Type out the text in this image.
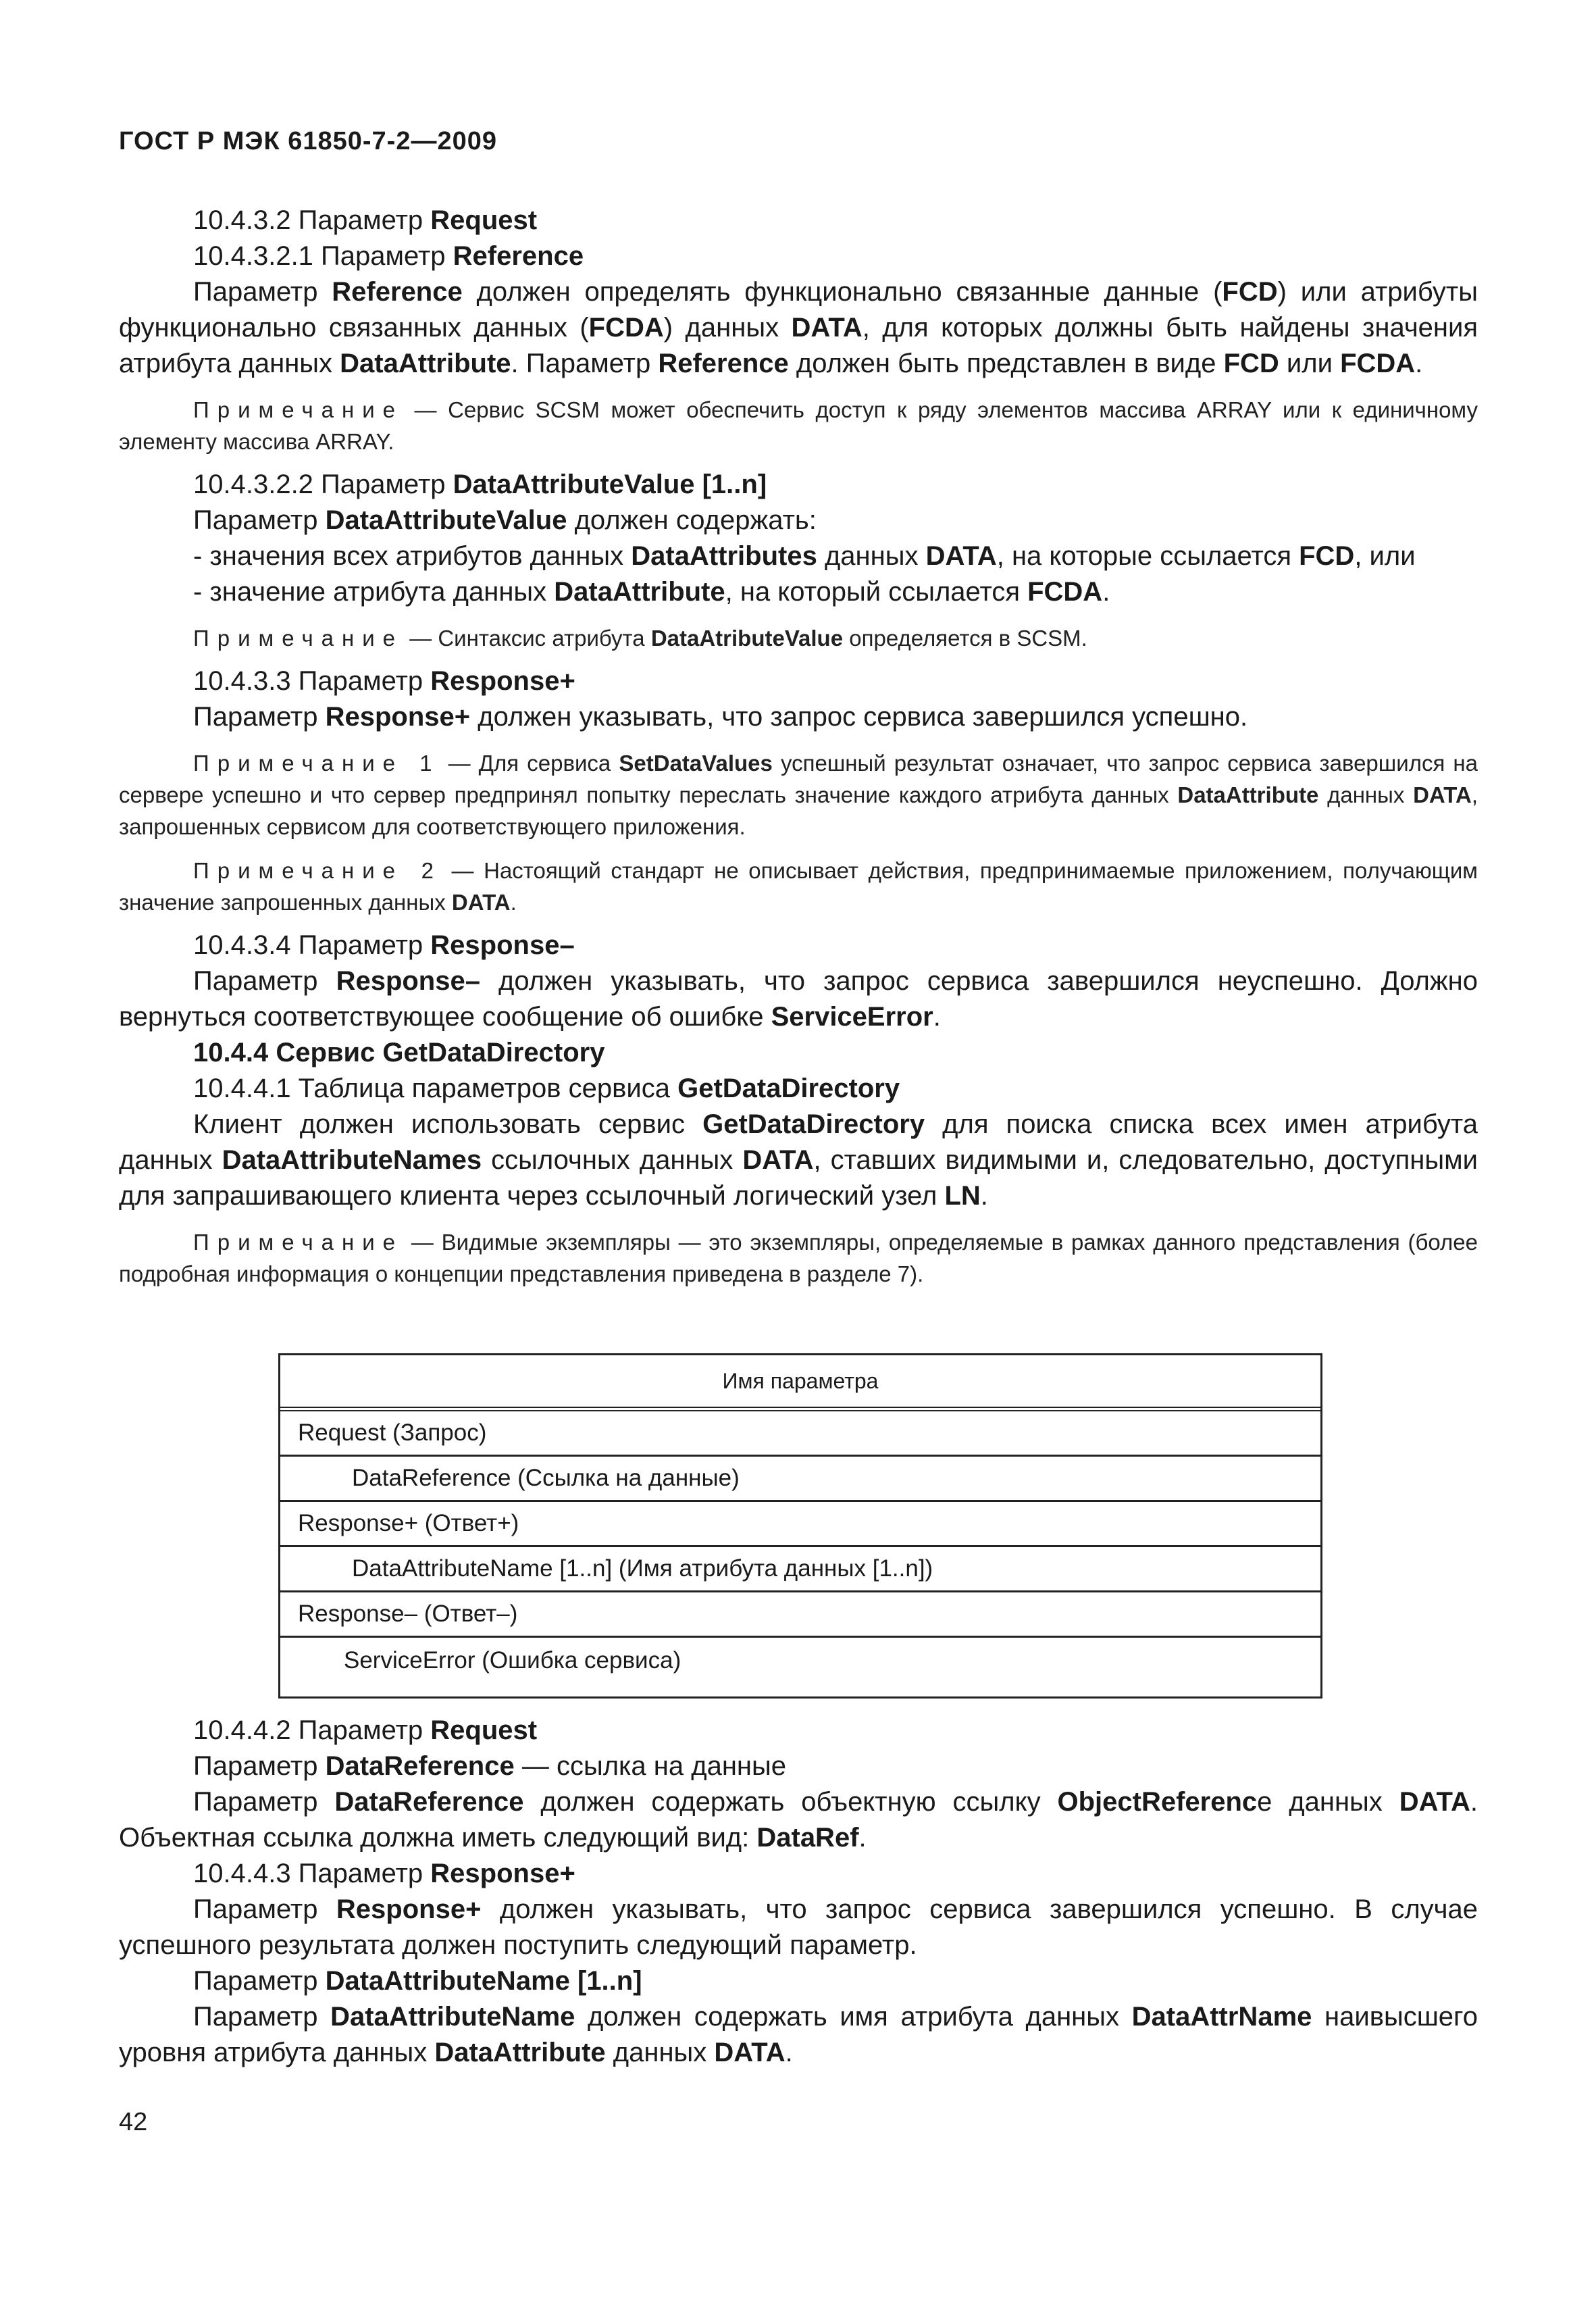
ГОСТ Р МЭК 61850-7-2—2009

10.4.3.2 Параметр Request

10.4.3.2.1 Параметр Reference

Параметр Reference должен определять функционально связанные данные (FCD) или атрибуты функционально связанных данных (FCDA) данных DATA, для которых должны быть найдены значения атрибута данных DataAttribute. Параметр Reference должен быть представлен в виде FCD или FCDA.

Примечание — Сервис SCSM может обеспечить доступ к ряду элементов массива ARRAY или к единичному элементу массива ARRAY.

10.4.3.2.2 Параметр DataAttributeValue [1..n]

Параметр DataAttributeValue должен содержать:

- значения всех атрибутов данных DataAttributes данных DATA, на которые ссылается FCD, или

- значение атрибута данных DataAttribute, на который ссылается FCDA.

Примечание — Синтаксис атрибута DataAtributeValue определяется в SCSM.

10.4.3.3 Параметр Response+

Параметр Response+ должен указывать, что запрос сервиса завершился успешно.

Примечание 1 — Для сервиса SetDataValues успешный результат означает, что запрос сервиса завершился на сервере успешно и что сервер предпринял попытку переслать значение каждого атрибута данных DataAttribute данных DATA, запрошенных сервисом для соответствующего приложения.

Примечание 2 — Настоящий стандарт не описывает действия, предпринимаемые приложением, получающим значение запрошенных данных DATA.

10.4.3.4 Параметр Response–

Параметр Response– должен указывать, что запрос сервиса завершился неуспешно. Должно вернуться соответствующее сообщение об ошибке ServiceError.

10.4.4 Сервис GetDataDirectory

10.4.4.1 Таблица параметров сервиса GetDataDirectory

Клиент должен использовать сервис GetDataDirectory для поиска списка всех имен атрибута данных DataAttributeNames ссылочных данных DATA, ставших видимыми и, следовательно, доступными для запрашивающего клиента через ссылочный логический узел LN.

Примечание — Видимые экземпляры — это экземпляры, определяемые в рамках данного представления (более подробная информация о концепции представления приведена в разделе 7).

Имя параметра
Request (Запрос)
DataReference (Ссылка на данные)
Response+ (Ответ+)
DataAttributeName [1..n] (Имя атрибута данных [1..n])
Response– (Ответ–)
ServiceError (Ошибка сервиса)

10.4.4.2 Параметр Request

Параметр DataReference — ссылка на данные

Параметр DataReference должен содержать объектную ссылку ObjectReference данных DATA. Объектная ссылка должна иметь следующий вид: DataRef.

10.4.4.3 Параметр Response+

Параметр Response+ должен указывать, что запрос сервиса завершился успешно. В случае успешного результата должен поступить следующий параметр.

Параметр DataAttributeName [1..n]

Параметр DataAttributeName должен содержать имя атрибута данных DataAttrName наивысшего уровня атрибута данных DataAttribute данных DATA.

42
